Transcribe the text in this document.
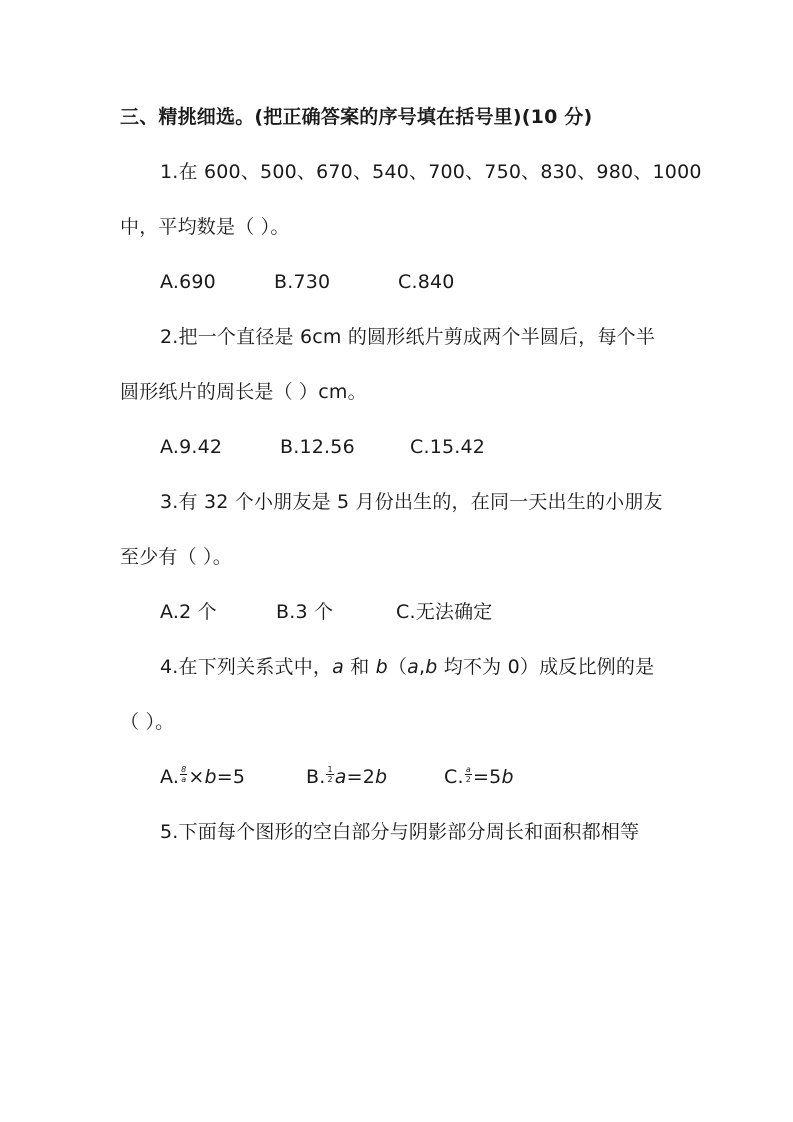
三、精挑细选。(把正确答案的序号填在括号里)(10 分)
1.在 600、500、670、540、700、750、830、980、1000
中，平均数是（ ）。
A.690	B.730	C.840
2.把一个直径是 6cm 的圆形纸片剪成两个半圆后，每个半
圆形纸片的周长是（ ）cm。
A.9.42	B.12.56	C.15.42
3.有 32 个小朋友是 5 月份出生的，在同一天出生的小朋友
至少有（ ）。
A.2 个	B.3 个	C.无法确定
4.在下列关系式中，a 和 b（a,b 均不为 0）成反比例的是
（ ）。
A. $\frac{8}{a} \times b=5$	B. $\frac{1}{2} a=2b$	C. $\frac{a}{2} =5b$
5.下面每个图形的空白部分与阴影部分周长和面积都相等
